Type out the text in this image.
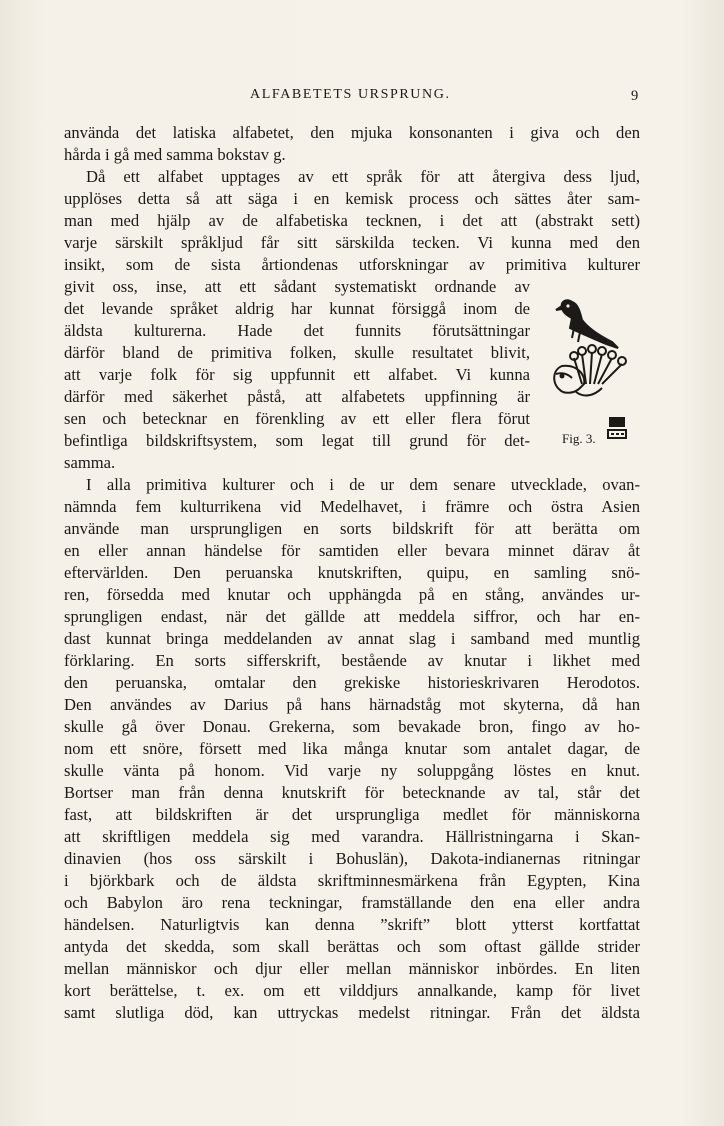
ALFABETETS URSPRUNG.	9
använda det latiska alfabetet, den mjuka konsonanten i giva och den
hårda i gå med samma bokstav g.
Då ett alfabet upptages av ett språk för att återgiva dess ljud,
upplöses detta så att säga i en kemisk process och sättes åter sam-
man med hjälp av de alfabetiska tecknen, i det att (abstrakt sett)
varje särskilt språkljud får sitt särskilda tecken. Vi kunna med den
insikt, som de sista årtiondenas utforskningar av primitiva kulturer
givit oss, inse, att ett sådant systematiskt ordnande av
det levande språket aldrig har kunnat försiggå inom de
äldsta kulturerna. Hade det funnits förutsättningar
därför bland de primitiva folken, skulle resultatet blivit,
att varje folk för sig uppfunnit ett alfabet. Vi kunna
därför med säkerhet påstå, att alfabetets uppfinning är
sen och betecknar en förenkling av ett eller flera förut
befintliga bildskriftsystem, som legat till grund för det-
samma.
I alla primitiva kulturer och i de ur dem senare utvecklade, ovan-
nämnda fem kulturrikena vid Medelhavet, i främre och östra Asien
använde man ursprungligen en sorts bildskrift för att berätta om
en eller annan händelse för samtiden eller bevara minnet därav åt
eftervärlden. Den peruanska knutskriften, quipu, en samling snö-
ren, försedda med knutar och upphängda på en stång, användes ur-
sprungligen endast, när det gällde att meddela siffror, och har en-
dast kunnat bringa meddelanden av annat slag i samband med muntlig
förklaring. En sorts sifferskrift, bestående av knutar i likhet med
den peruanska, omtalar den grekiske historieskrivaren Herodotos.
Den användes av Darius på hans härnadståg mot skyterna, då han
skulle gå över Donau. Grekerna, som bevakade bron, fingo av ho-
nom ett snöre, försett med lika många knutar som antalet dagar, de
skulle vänta på honom. Vid varje ny soluppgång löstes en knut.
Bortser man från denna knutskrift för betecknande av tal, står det
fast, att bildskriften är det ursprungliga medlet för människorna
att skriftligen meddela sig med varandra. Hällristningarna i Skan-
dinavien (hos oss särskilt i Bohuslän), Dakota-indianernas ritningar
i björkbark och de äldsta skriftminnesmärkena från Egypten, Kina
och Babylon äro rena teckningar, framställande den ena eller andra
händelsen. Naturligtvis kan denna ”skrift” blott ytterst kortfattat
antyda det skedda, som skall berättas och som oftast gällde strider
mellan människor och djur eller mellan människor inbördes. En liten
kort berättelse, t. ex. om ett vilddjurs annalkande, kamp för livet
samt slutliga död, kan uttryckas medelst ritningar. Från det äldsta
Fig. 3.
